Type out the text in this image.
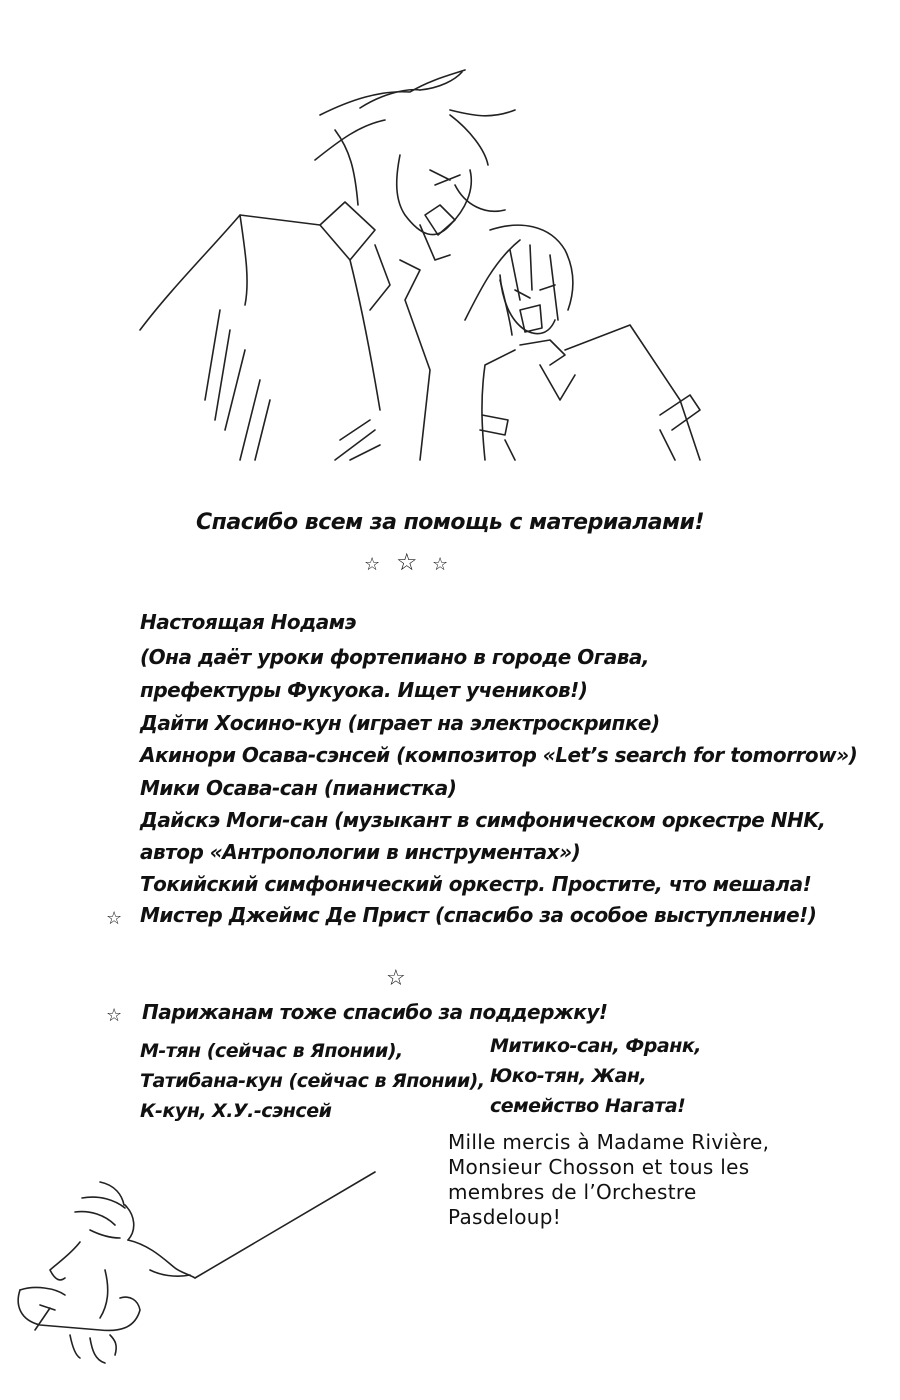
Спасибо всем за помощь с материалами!
☆ ☆ ☆
Настоящая Нодамэ
(Она даёт уроки фортепиано в городе Огава,
префектуры Фукуока. Ищет учеников!)
Дайти Хосино-кун (играет на электроскрипке)
Акинори Осава-сэнсей (композитор «Let’s search for tomorrow»)
Мики Осава-сан (пианистка)
Дайскэ Моги-сан (музыкант в симфоническом оркестре NHK,
автор «Антропологии в инструментах»)
Токийский симфонический оркестр. Простите, что мешала!
☆ Мистер Джеймс Де Прист (спасибо за особое выступление!)
☆
☆ Парижанам тоже спасибо за поддержку!
М-тян (сейчас в Японии),
Татибана-кун (сейчас в Японии),
К-кун, Х.У.-сэнсей
Митико-сан, Франк,
Юко-тян, Жан,
семейство Нагата!
Mille mercis à Madame Rivière,
Monsieur Chosson et tous les
membres de l’Orchestre
Pasdeloup!
